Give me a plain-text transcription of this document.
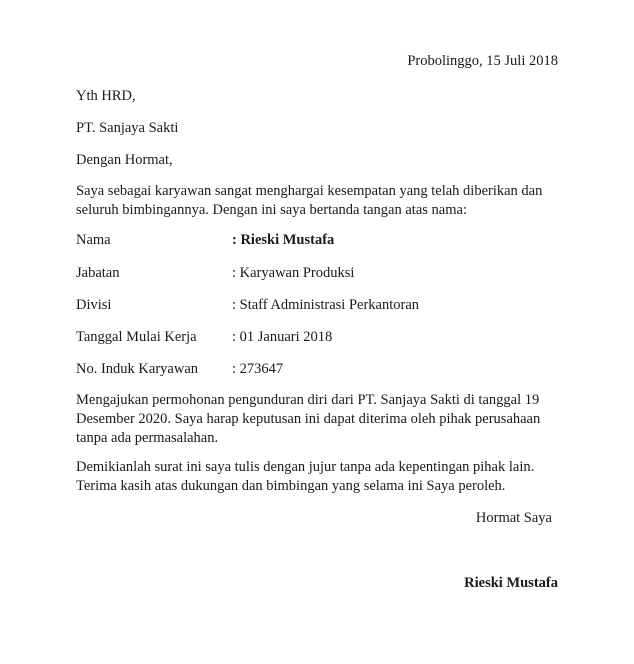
Probolinggo, 15 Juli 2018
Yth HRD,
PT. Sanjaya Sakti
Dengan Hormat,
Saya sebagai karyawan sangat menghargai kesempatan yang telah diberikan dan
seluruh bimbingannya. Dengan ini saya bertanda tangan atas nama:
Nama	: Rieski Mustafa
Jabatan	: Karyawan Produksi
Divisi	: Staff Administrasi Perkantoran
Tanggal Mulai Kerja : 01 Januari 2018
No. Induk Karyawan : 273647
Mengajukan permohonan pengunduran diri dari PT. Sanjaya Sakti di tanggal 19
Desember 2020. Saya harap keputusan ini dapat diterima oleh pihak perusahaan
tanpa ada permasalahan.
Demikianlah surat ini saya tulis dengan jujur tanpa ada kepentingan pihak lain.
Terima kasih atas dukungan dan bimbingan yang selama ini Saya peroleh.
Hormat Saya
Rieski Mustafa
